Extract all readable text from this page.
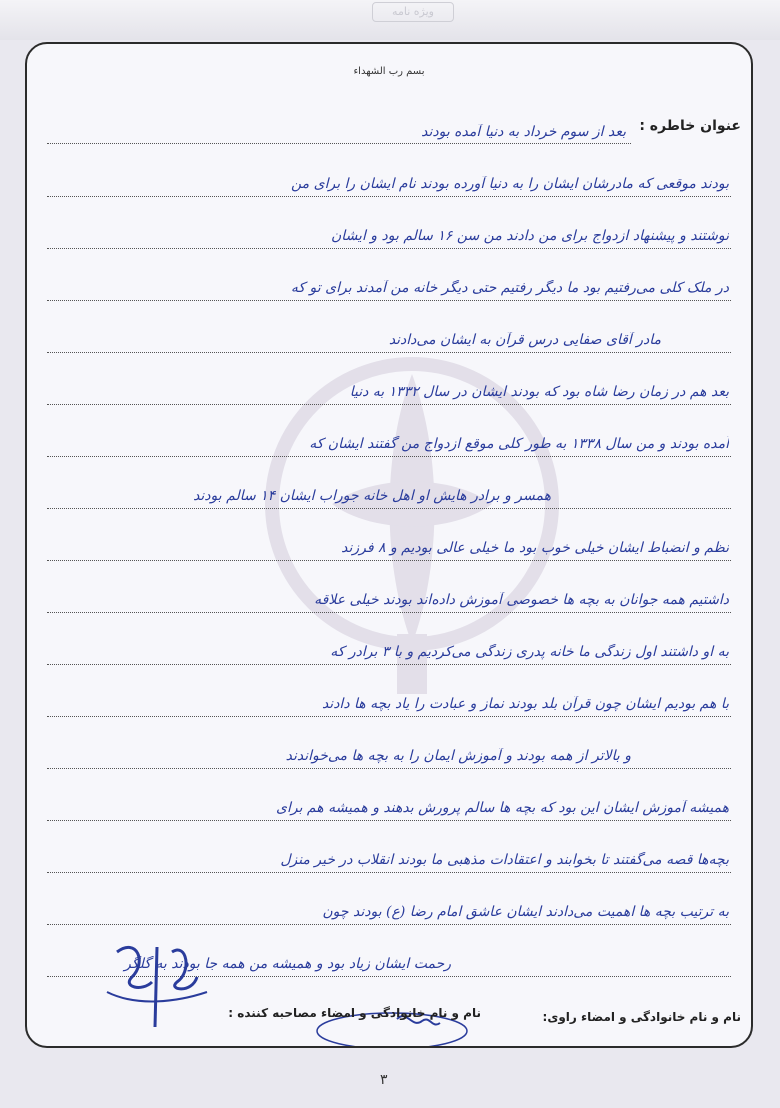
ویژه نامه
بسم رب الشهداء
عنوان خاطره :
بعد از سوم خرداد به دنیا آمده بودند
بودند موقعی که مادرشان ایشان را به دنیا آورده بودند نام ایشان را برای من
نوشتند و پیشنهاد ازدواج برای من دادند من سن ۱۶ سالم بود و ایشان
در ملک کلی می‌رفتیم بود ما دیگر رفتیم حتی دیگر خانه من آمدند برای تو که
مادر آقای صفایی درس قرآن به ایشان می‌دادند
بعد هم در زمان رضا شاه بود که بودند ایشان در سال ۱۳۳۲ به دنیا
آمده بودند و من سال ۱۳۳۸ به طور کلی موقع ازدواج من گفتند ایشان که
همسر و برادر هایش او اهل خانه جوراب ایشان ۱۴ سالم بودند
نظم و انضباط ایشان خیلی خوب بود ما خیلی عالی بودیم و ۸ فرزند
داشتیم همه جوانان به بچه ها خصوصی آموزش داده‌اند بودند خیلی علاقه
به او داشتند اول زندگی ما خانه پدری زندگی می‌کردیم و با ۳ برادر که
با هم بودیم ایشان چون قرآن بلد بودند نماز و عبادت را یاد بچه ها دادند
و بالاتر از همه بودند و آموزش ایمان را به بچه ها می‌خواندند
همیشه آموزش ایشان این بود که بچه ها سالم پرورش بدهند و همیشه هم برای
بچه‌ها قصه می‌گفتند تا بخوابند و اعتقادات مذهبی ما بودند انقلاب در خیر منزل
به ترتیب بچه ها اهمیت می‌دادند ایشان عاشق امام رضا (ع) بودند چون
رحمت ایشان زیاد بود و همیشه من همه جا بودند به گلگر
نام و نام خانوادگی و امضاء مصاحبه کننده :	نام و نام خانوادگی و امضاء راوی:
٣
